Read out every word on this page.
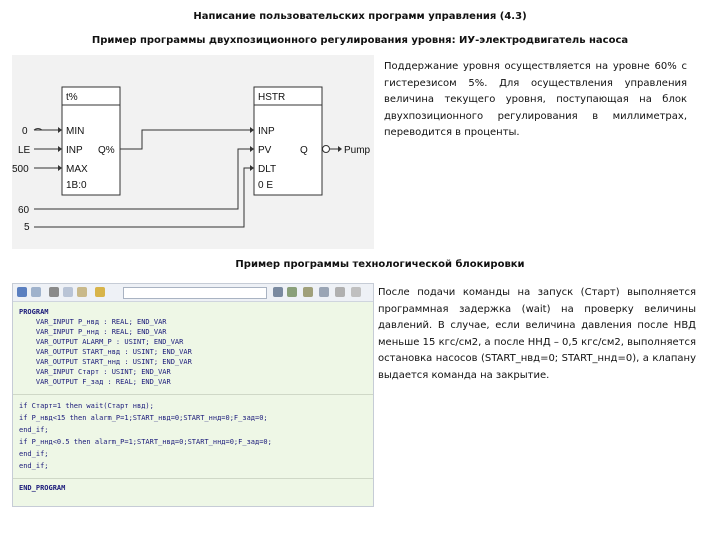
Написание пользовательских программ управления (4.3)
Пример программы двухпозиционного регулирования уровня: ИУ-электродвигатель насоса
t%
MIN
INP
MAX
1B:0
Q%
HSTR
INP
PV
DLT
0 E
Q
0
LE
500
60
5
Pump
Поддержание уровня осуществляется на уровне 60% с гистерезисом 5%. Для осуществления управления величина текущего уровня, поступающая на блок двухпозиционного регулирования в миллиметрах, переводится в проценты.
Пример программы технологической блокировки
PROGRAM
VAR_INPUT P_нвд : REAL; END_VAR
VAR_INPUT P_ннд : REAL; END_VAR
VAR_OUTPUT ALARM_P : USINT; END_VAR
VAR_OUTPUT START_нвд : USINT; END_VAR
VAR_OUTPUT START_ннд : USINT; END_VAR
VAR_INPUT Старт : USINT; END_VAR
VAR_OUTPUT F_зад : REAL; END_VAR
if Старт=1 then wait(Старт нвд);
if P_нвд<15 then alarm_P=1;START_нвд=0;START_ннд=0;F_зад=0;
end_if;
if P_ннд<0.5 then alarm_P=1;START_нвд=0;START_ннд=0;F_зад=0;
end_if;
end_if;
END_PROGRAM
После подачи команды на запуск (Старт) выполняется программная задержка (wait) на проверку величины давлений. В случае, если величина давления после НВД меньше 15 кгс/см2, а после ННД – 0,5 кгс/см2, выполняется остановка насосов (START_нвд=0; START_ннд=0), а клапану выдается команда на закрытие.
